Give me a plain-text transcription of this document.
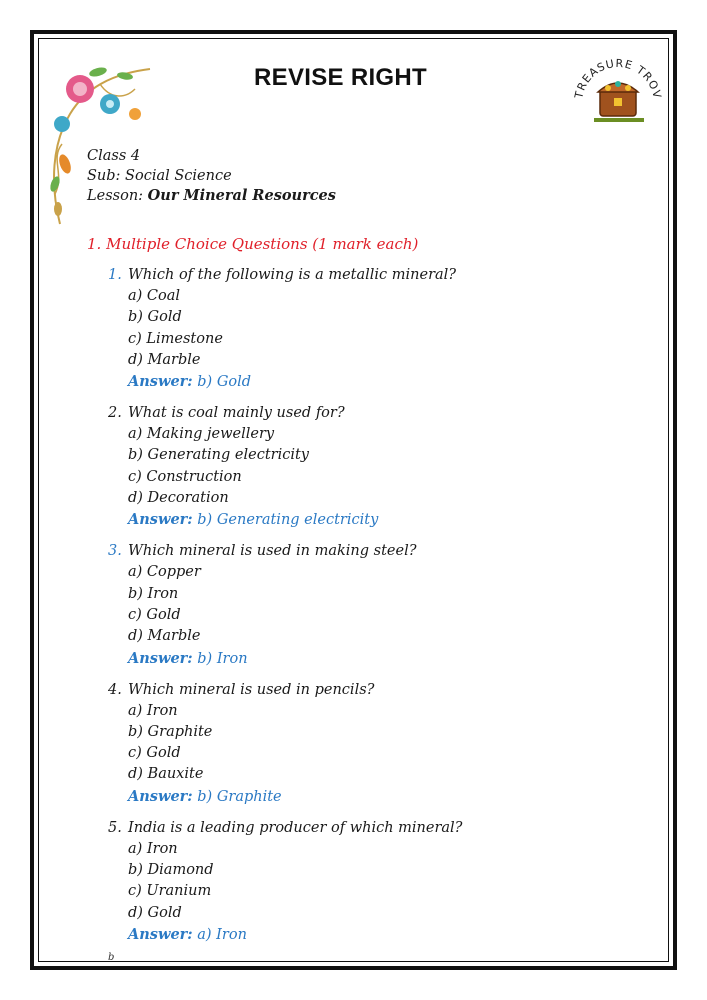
TREASURE TROV
REVISE RIGHT
Class 4
Sub: Social Science
Lesson: Our Mineral Resources
1. Multiple Choice Questions (1 mark each)
1. Which of the following is a metallic mineral?
a) Coal
b) Gold
c) Limestone
d) Marble
Answer: b) Gold
2. What is coal mainly used for?
a) Making jewellery
b) Generating electricity
c) Construction
d) Decoration
Answer: b) Generating electricity
3. Which mineral is used in making steel?
a) Copper
b) Iron
c) Gold
d) Marble
Answer: b) Iron
4. Which mineral is used in pencils?
a) Iron
b) Graphite
c) Gold
d) Bauxite
Answer: b) Graphite
5. India is a leading producer of which mineral?
a) Iron
b) Diamond
c) Uranium
d) Gold
Answer: a) Iron
b
